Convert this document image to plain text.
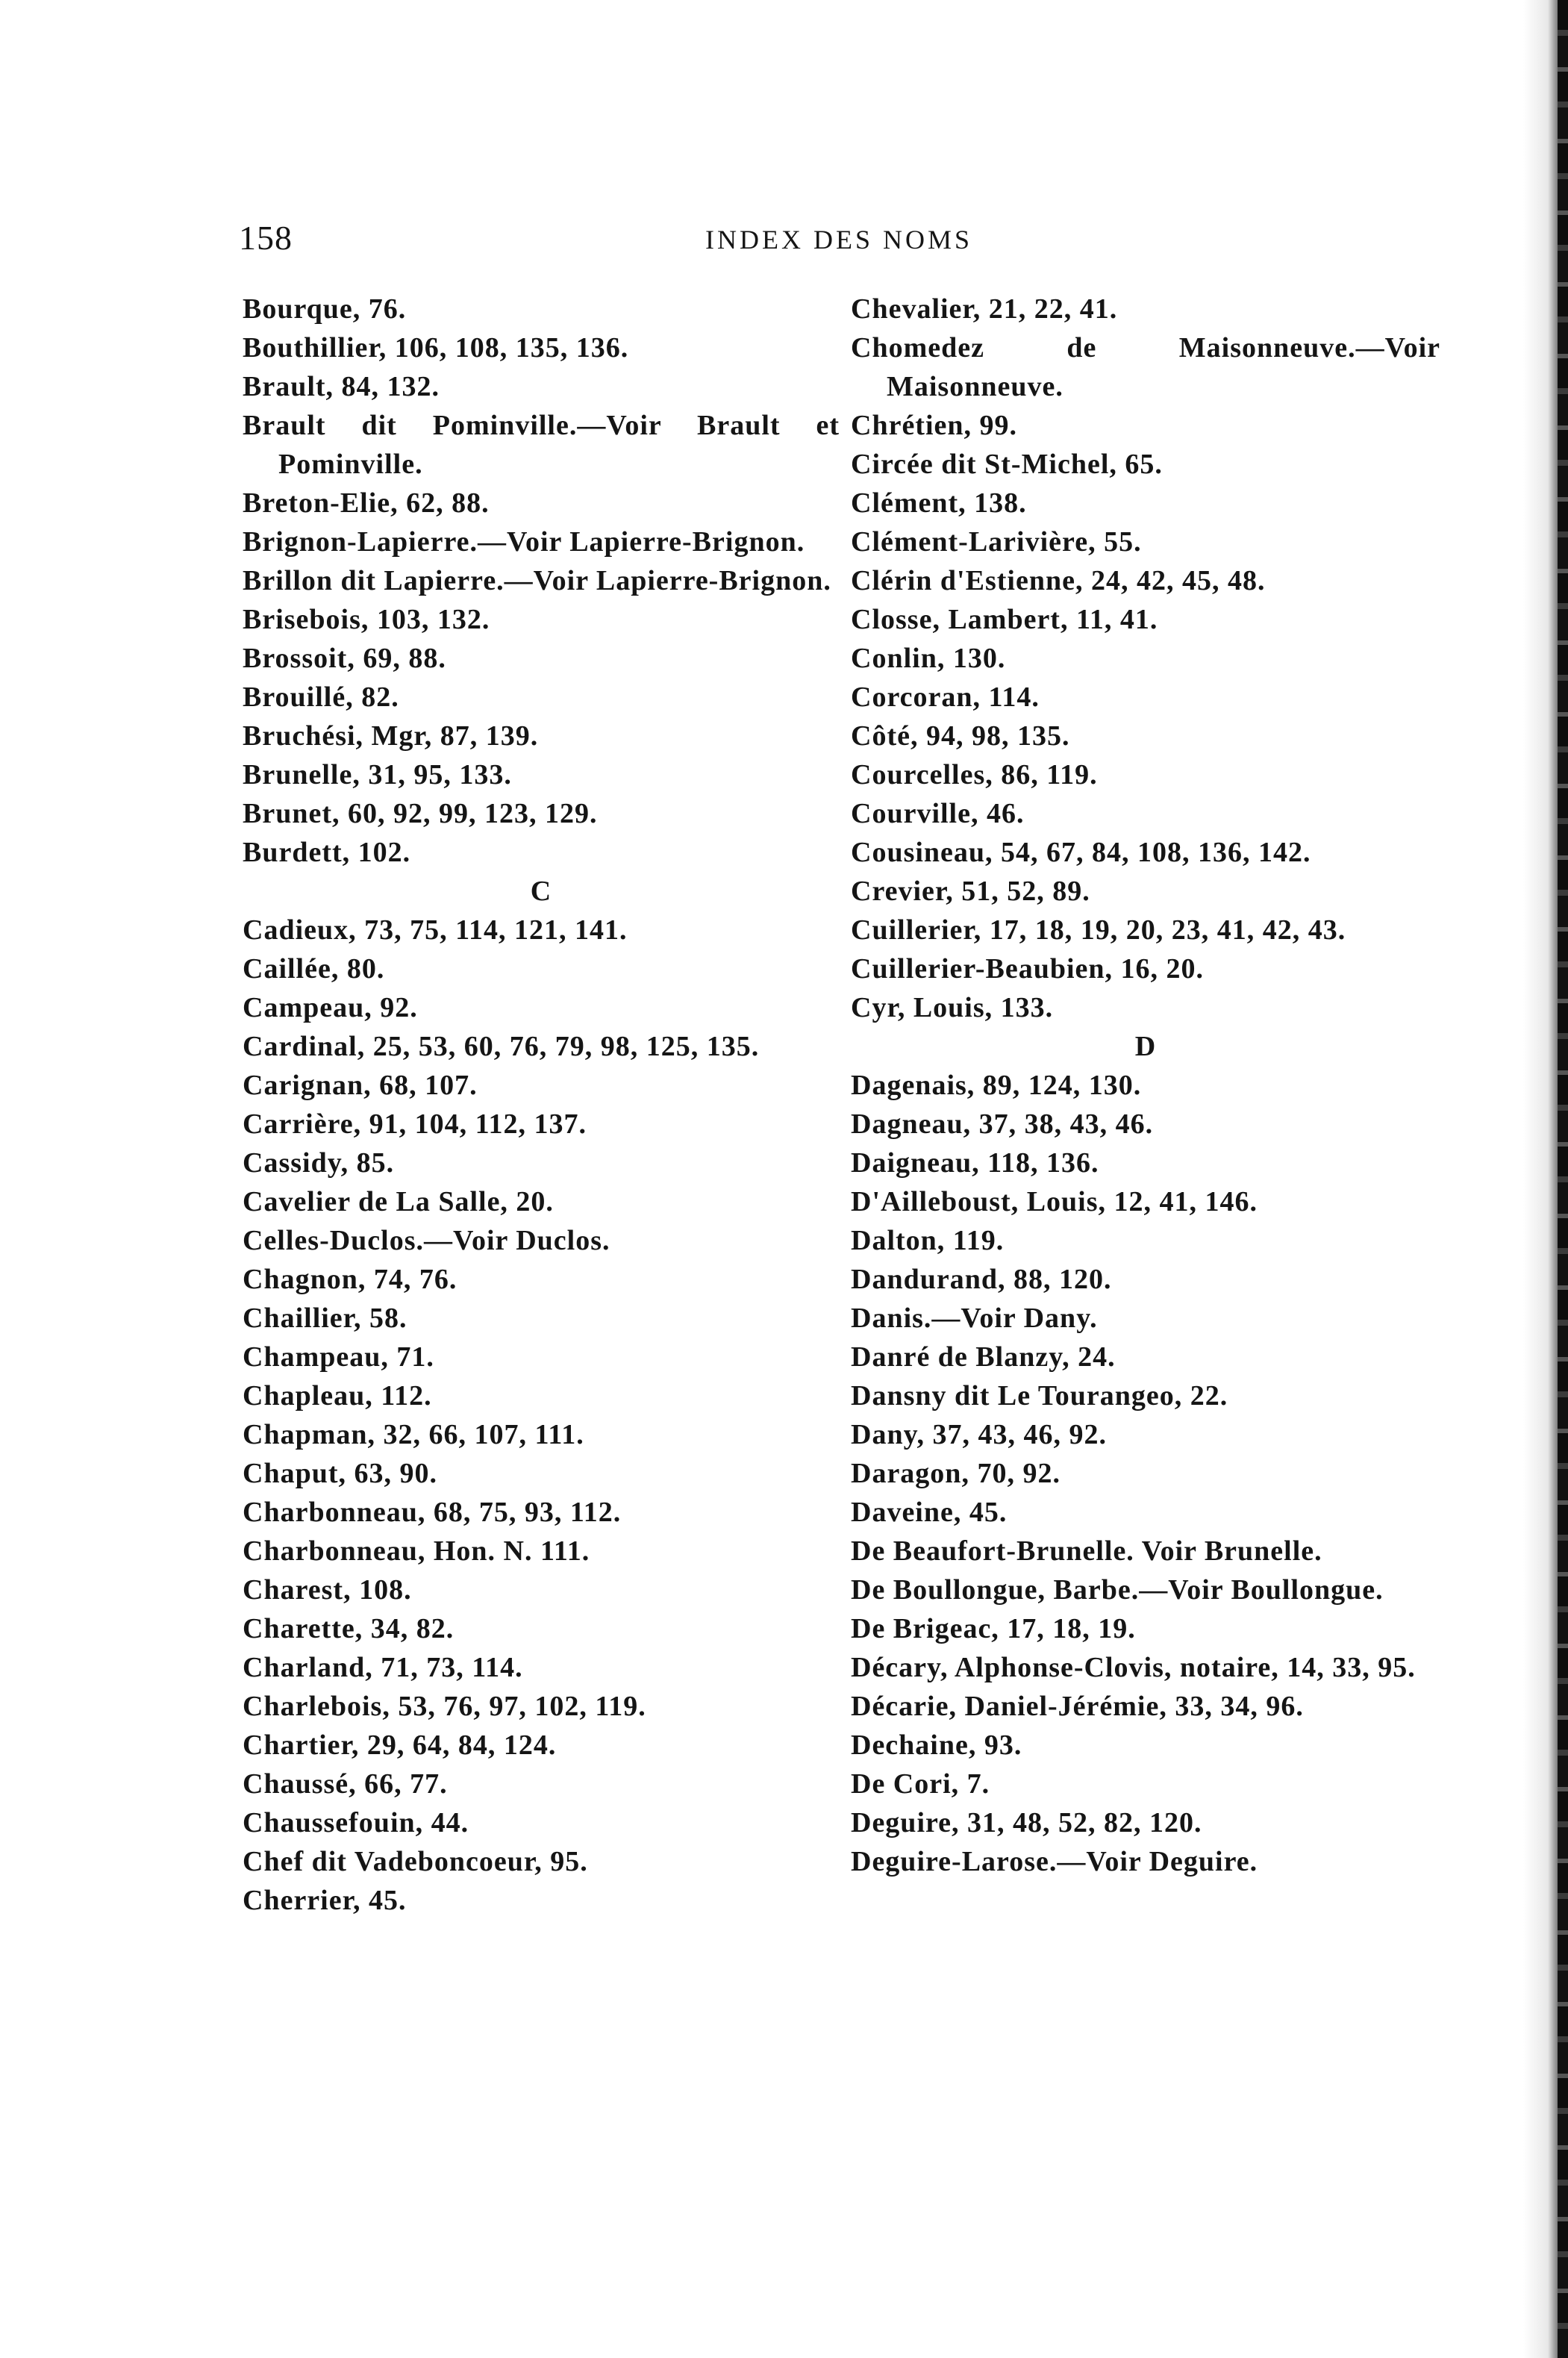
158	INDEX DES NOMS
Bourque, 76.
Bouthillier, 106, 108, 135, 136.
Brault, 84, 132.
Brault dit Pominville.—Voir Brault et Pominville.
Breton-Elie, 62, 88.
Brignon-Lapierre.—Voir Lapierre-Brignon.
Brillon dit Lapierre.—Voir Lapierre-Brignon.
Brisebois, 103, 132.
Brossoit, 69, 88.
Brouillé, 82.
Bruchési, Mgr, 87, 139.
Brunelle, 31, 95, 133.
Brunet, 60, 92, 99, 123, 129.
Burdett, 102.
C
Cadieux, 73, 75, 114, 121, 141.
Caillée, 80.
Campeau, 92.
Cardinal, 25, 53, 60, 76, 79, 98, 125, 135.
Carignan, 68, 107.
Carrière, 91, 104, 112, 137.
Cassidy, 85.
Cavelier de La Salle, 20.
Celles-Duclos.—Voir Duclos.
Chagnon, 74, 76.
Chaillier, 58.
Champeau, 71.
Chapleau, 112.
Chapman, 32, 66, 107, 111.
Chaput, 63, 90.
Charbonneau, 68, 75, 93, 112.
Charbonneau, Hon. N. 111.
Charest, 108.
Charette, 34, 82.
Charland, 71, 73, 114.
Charlebois, 53, 76, 97, 102, 119.
Chartier, 29, 64, 84, 124.
Chaussé, 66, 77.
Chaussefouin, 44.
Chef dit Vadeboncoeur, 95.
Cherrier, 45.
Chevalier, 21, 22, 41.
Chomedez de Maisonneuve.—Voir Maisonneuve.
Chrétien, 99.
Circée dit St-Michel, 65.
Clément, 138.
Clément-Larivière, 55.
Clérin d'Estienne, 24, 42, 45, 48.
Closse, Lambert, 11, 41.
Conlin, 130.
Corcoran, 114.
Côté, 94, 98, 135.
Courcelles, 86, 119.
Courville, 46.
Cousineau, 54, 67, 84, 108, 136, 142.
Crevier, 51, 52, 89.
Cuillerier, 17, 18, 19, 20, 23, 41, 42, 43.
Cuillerier-Beaubien, 16, 20.
Cyr, Louis, 133.
D
Dagenais, 89, 124, 130.
Dagneau, 37, 38, 43, 46.
Daigneau, 118, 136.
D'Ailleboust, Louis, 12, 41, 146.
Dalton, 119.
Dandurand, 88, 120.
Danis.—Voir Dany.
Danré de Blanzy, 24.
Dansny dit Le Tourangeo, 22.
Dany, 37, 43, 46, 92.
Daragon, 70, 92.
Daveine, 45.
De Beaufort-Brunelle. Voir Brunelle.
De Boullongue, Barbe.—Voir Boullongue.
De Brigeac, 17, 18, 19.
Décary, Alphonse-Clovis, notaire, 14, 33, 95.
Décarie, Daniel-Jérémie, 33, 34, 96.
Dechaine, 93.
De Cori, 7.
Deguire, 31, 48, 52, 82, 120.
Deguire-Larose.—Voir Deguire.
